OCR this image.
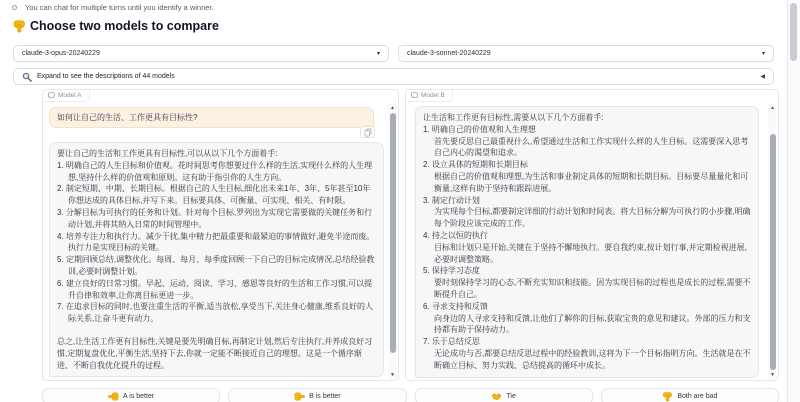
You can chat for multiple turns until you identify a winner.
Choose two models to compare
claude-3-opus-20240229	▾	claude-3-sonnet-20240229	▾
Expand to see the descriptions of 44 models	◀
Model A
如何让自己的生活、工作更具有目标性?
要让自己的生活和工作更具有目标性,可以从以下几个方面着手:
1. 明确自己的人生目标和价值观。花时间思考你想要过什么样的生活,实现什么样的人生理想,坚持什么样的价值观和原则。这有助于指引你的人生方向。
2. 制定短期、中期、长期目标。根据自己的人生目标,细化出未来1年、3年、5年甚至10年你想达成的具体目标,并写下来。目标要具体、可衡量、可实现、相关、有时限。
3. 分解目标为可执行的任务和计划。针对每个目标,罗列出为实现它需要做的关键任务和行动计划,并将其纳入日常的时间管理中。
4. 培养专注力和执行力。减少干扰,集中精力把最重要和最紧迫的事情做好,避免半途而废。执行力是实现目标的关键。
5. 定期回顾总结,调整优化。每周、每月、每季度回顾一下自己的目标完成情况,总结经验教训,必要时调整计划。
6. 建立良好的日常习惯。早起、运动、阅读、学习、感恩等良好的生活和工作习惯,可以提升自律和效率,让你离目标更进一步。
7. 在追求目标的同时,也要注重生活的平衡,适当放松,享受当下,关注身心健康,维系良好的人际关系,让奋斗更有动力。
总之,让生活工作更有目标性,关键是要先明确目标,再制定计划,然后专注执行,并养成良好习惯,定期复盘优化,平衡生活,坚持下去,你就一定能不断接近自己的理想。这是一个循序渐进、不断自我优化提升的过程。
▲
▼
Model B
让生活和工作更有目标性,需要从以下几个方面着手:
1. 明确自己的价值观和人生理想
首先要反思自己最重视什么,希望通过生活和工作实现什么样的人生目标。这需要深入思考自己内心的渴望和追求。
2. 设立具体的短期和长期目标
根据自己的价值观和理想,为生活和事业制定具体的短期和长期目标。目标要尽量量化和可衡量,这样有助于坚持和跟踪进展。
3. 制定行动计划
为实现每个目标,都要制定详细的行动计划和时间表。将大目标分解为可执行的小步骤,明确每个阶段应该完成的工作。
4. 持之以恒的执行
目标和计划只是开始,关键在于坚持不懈地执行。要自我约束,按计划行事,并定期检视进展,必要时调整策略。
5. 保持学习态度
要时刻保持学习的心态,不断充实知识和技能。因为实现目标的过程也是成长的过程,需要不断提升自己。
6. 寻求支持和反馈
向身边的人寻求支持和反馈,让他们了解你的目标,获取宝贵的意见和建议。外部的压力和支持都有助于保持动力。
7. 乐于总结反思
无论成功与否,都要总结反思过程中的经验教训,这将为下一个目标指明方向。生活就是在不断确立目标、努力实践、总结提高的循环中成长。
▲
▼
A is better	B is better	Tie	Both are bad
